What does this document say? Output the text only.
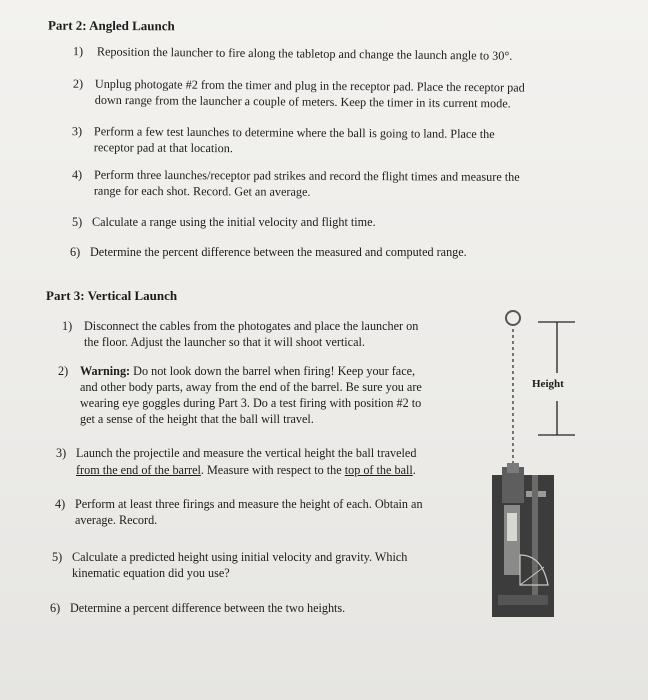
Part 2: Angled Launch
1) Reposition the launcher to fire along the tabletop and change the launch angle to 30°.
2) Unplug photogate #2 from the timer and plug in the receptor pad. Place the receptor pad
down range from the launcher a couple of meters. Keep the timer in its current mode.
3) Perform a few test launches to determine where the ball is going to land. Place the
receptor pad at that location.
4) Perform three launches/receptor pad strikes and record the flight times and measure the
range for each shot. Record. Get an average.
5) Calculate a range using the initial velocity and flight time.
6) Determine the percent difference between the measured and computed range.
Part 3: Vertical Launch
1) Disconnect the cables from the photogates and place the launcher on
the floor. Adjust the launcher so that it will shoot vertical.
2) Warning: Do not look down the barrel when firing! Keep your face,
and other body parts, away from the end of the barrel. Be sure you are
wearing eye goggles during Part 3. Do a test firing with position #2 to
get a sense of the height that the ball will travel.
3) Launch the projectile and measure the vertical height the ball traveled
from the end of the barrel. Measure with respect to the top of the ball.
4) Perform at least three firings and measure the height of each. Obtain an
average. Record.
5) Calculate a predicted height using initial velocity and gravity. Which
kinematic equation did you use?
6) Determine a percent difference between the two heights.
Height
